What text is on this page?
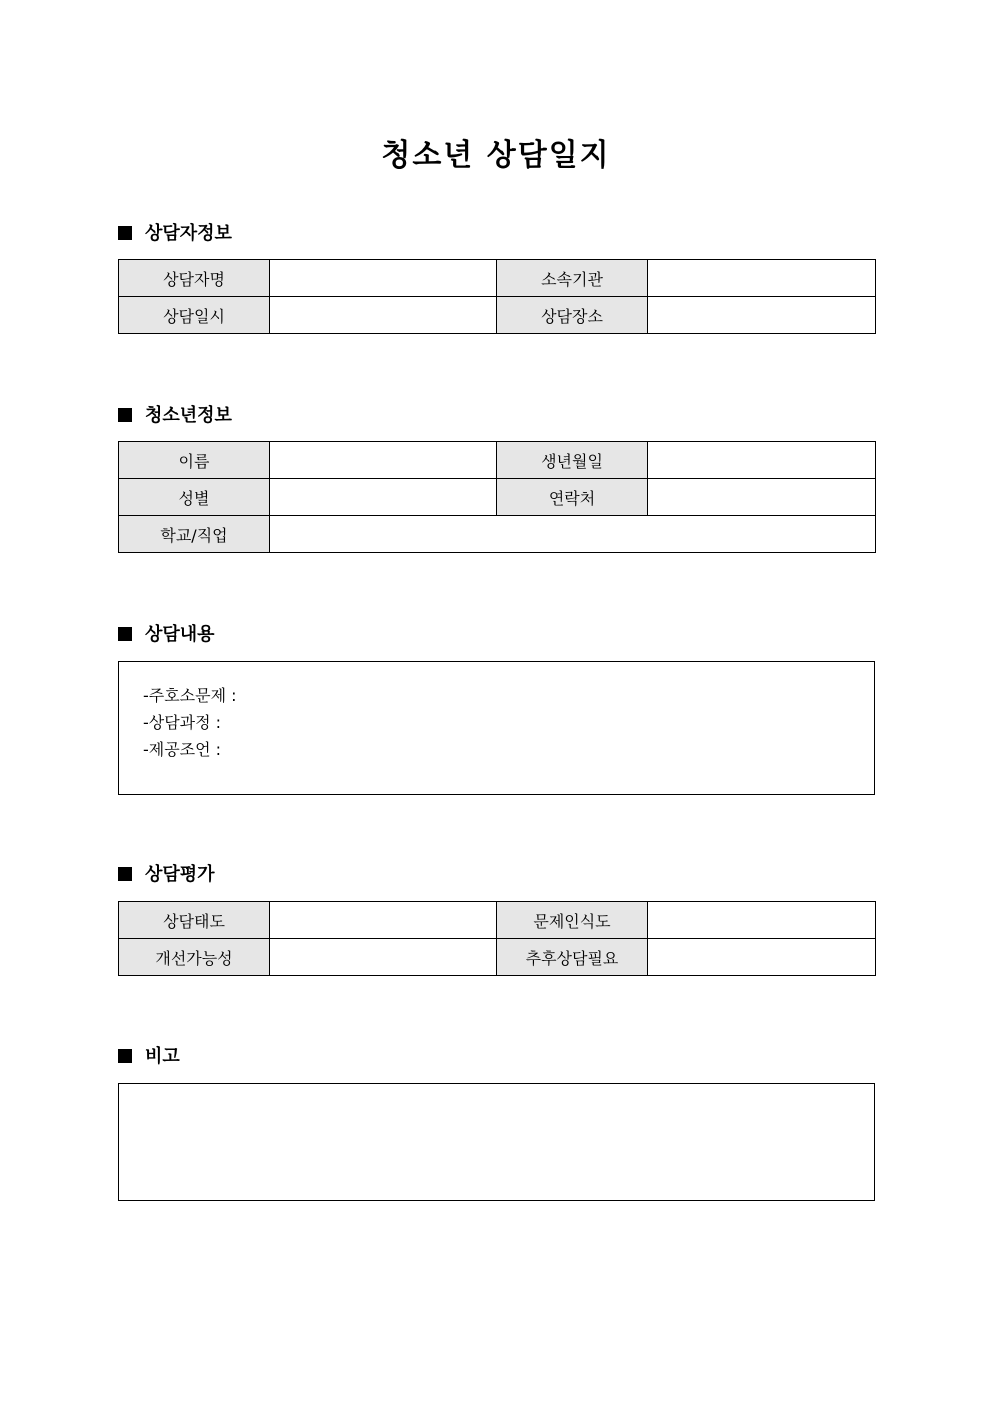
청소년 상담일지
상담자정보
상담자명		소속기관	
상담일시		상담장소	
청소년정보
이름		생년월일	
성별		연락처	
학교/직업			
상담내용
-주호소문제 :
-상담과정 :
-제공조언 :
상담평가
상담태도		문제인식도	
개선가능성		추후상담필요	
비고
